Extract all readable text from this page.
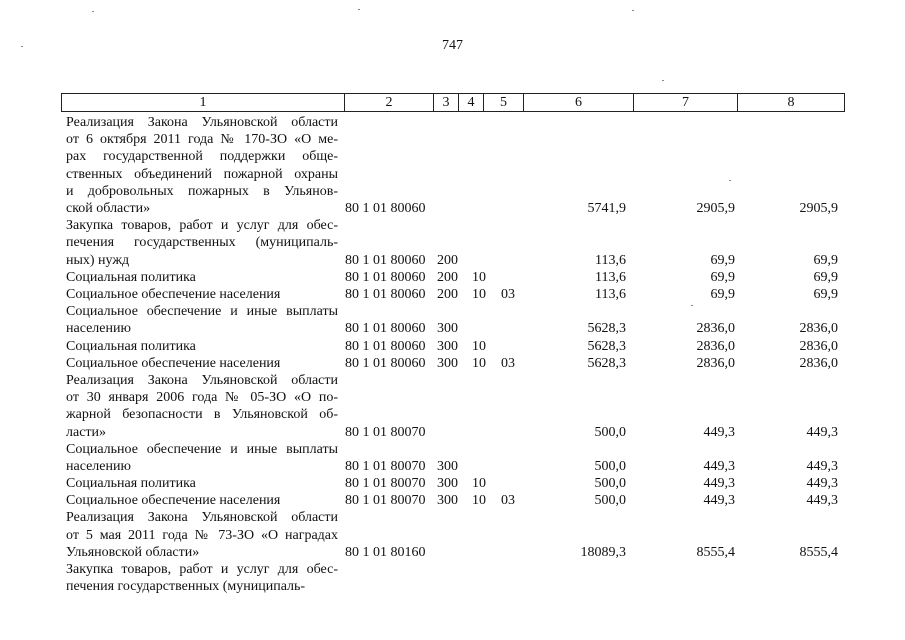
747
1	2	3	4	5	6	7	8
Реализация Закона Ульяновской области
от 6 октября 2011 года № 170-ЗО «О ме-
рах государственной поддержки обще-
ственных объединений пожарной охраны
и добровольных пожарных в Ульянов-
ской области»	80 1 01 80060	5741,9	2905,9	2905,9
Закупка товаров, работ и услуг для обес-
печения государственных (муниципаль-
ных) нужд	80 1 01 80060 200	113,6	69,9	69,9
Социальная политика	80 1 01 80060 200 10	113,6	69,9	69,9
Социальное обеспечение населения	80 1 01 80060 200 10 03	113,6	69,9	69,9
Социальное обеспечение и иные выплаты
населению	80 1 01 80060 300	5628,3	2836,0	2836,0
Социальная политика	80 1 01 80060 300 10	5628,3	2836,0	2836,0
Социальное обеспечение населения	80 1 01 80060 300 10 03	5628,3	2836,0	2836,0
Реализация Закона Ульяновской области
от 30 января 2006 года № 05-ЗО «О по-
жарной безопасности в Ульяновской об-
ласти»	80 1 01 80070	500,0	449,3	449,3
Социальное обеспечение и иные выплаты
населению	80 1 01 80070 300	500,0	449,3	449,3
Социальная политика	80 1 01 80070 300 10	500,0	449,3	449,3
Социальное обеспечение населения	80 1 01 80070 300 10 03	500,0	449,3	449,3
Реализация Закона Ульяновской области
от 5 мая 2011 года № 73-ЗО «О наградах
Ульяновской области»	80 1 01 80160	18089,3	8555,4	8555,4
Закупка товаров, работ и услуг для обес-
печения государственных (муниципаль-
